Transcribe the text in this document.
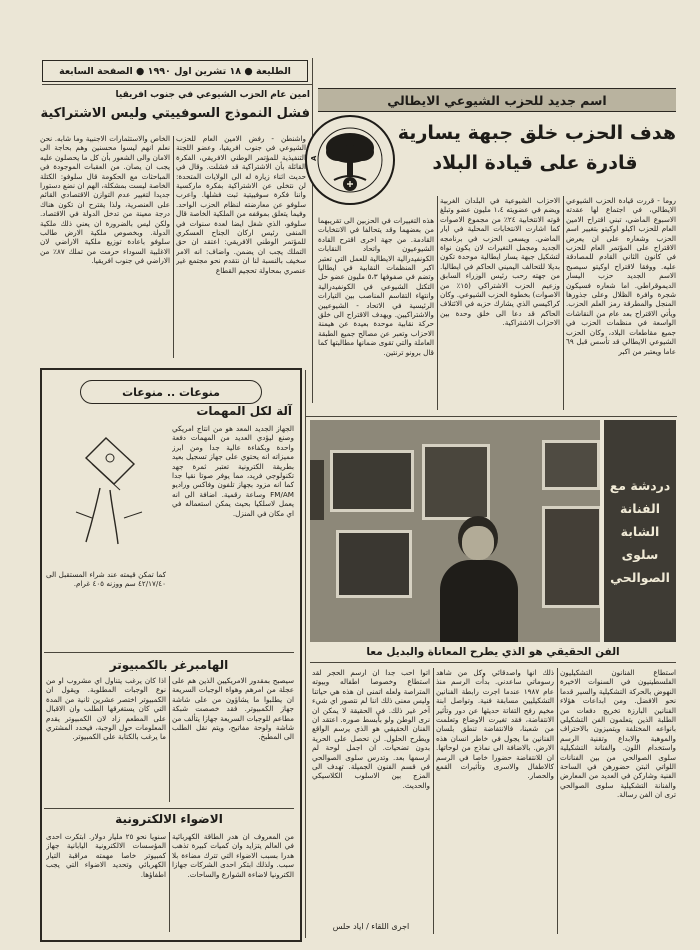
الطليعة ● ١٨ تشرين اول ١٩٩٠ ● الصفحة السابعة
امين عام الحزب الشيوعي في جنوب افريقيا
فشل النموذج السوفييتي وليس الاشتراكية
واشنطن - رفض الامين العام للحزب الشيوعي في جنوب افريقيا، وعضو اللجنة التنفيذية للمؤتمر الوطني الافريقي، الفكرة القائلة بأن الاشتراكية قد فشلت. وقال في حديث اثناء زيارة له الى الولايات المتحدة: لن نتخلى عن الاشتراكية بفكرة ماركسية واننا فكرة سوفييتية ثبت فشلها. واعرب سلوفو عن معارضته لنظام الحزب الواحد. وفيما يتعلق بموقفه من الملكية الخاصة قال سلوفو، الذي شغل ايضا لعدة سنوات في المنفى رئيس اركان الجناح العسكري للمؤتمر الوطني الافريقي: اعتقد ان حق التملك يجب ان يضمن. واضاف: انه الامر سخيف بالنسبة لنا ان نتقدم نحو مجتمع غير عنصري بمحاولة تحجيم القطاع
الخاص والاستثمارات الاجنبية وما شابه. نحن نعلم انهم ليسوا محسنين وهم بحاجة الى الامان والى الشعور بأن كل ما يحصلون عليه يجب ان يصان. من العقبات الموجودة في المباحثات مع الحكومة قال سلوفو: الكتلة الخاصة ليست بمشكلة، الهم ان نضع دستورا جديدا لتغيير عدم التوازن الاقتصادي القائم على العنصرية، ولذا يقترح ان تكون هناك درجة معينة من تدخل الدولة في الاقتصاد. ولكن ليس بالضرورة ان يعني ذلك ملكية الدولة. وبخصوص ملكية الارض طالب سلوفو باعادة توزيع ملكية الاراضي لان الاغلبية السوداء حرمت من تملك ٨٧٪ من الاراضي في جنوب افريقيا.
اسم جديد للحزب الشيوعي الايطالي
هدف الحزب خلق جبهة يسارية
قادرة على قيادة البلاد
A
روما - قررت قيادة الحزب الشيوعي الايطالي، في اجتماع لها عقدته الاسبوع الماضي، تبني اقتراح الامين العام للحزب اكيلو اوكيتو بتغيير اسم الحزب وشعاره على ان يعرض الاقتراح على المؤتمر العام للحزب في كانون الثاني القادم للمصادقة عليه. ووفقا لاقتراح اوكيتو سيصبح الاسم الجديد حزب اليسار الديموقراطي. اما شعاره فسيكون شجرة وافرة الظلال وعلى جذورها المنجل والمطرقة رمز العلم الحزب. ويأتي الاقتراح بعد عام من النقاشات الواسعة في منظمات الحزب في جميع مقاطعات البلاد، وكان الحزب الشيوعي الايطالي قد تأسس قبل ٦٩ عاما ويعتبر من اكبر
الاحزاب الشيوعية في البلدان الغربية ويضم في عضويته ١،٤ مليون عضو وتبلغ قوته الانتخابية ٢٤٪ من مجموع الاصوات كما اشارت الانتخابات المحلية في ايار الماضي. ويسعى الحزب في برنامجه الجديد ومجمل التغيرات لان يكون نواة لتشكيل جبهة يسار ايطالية موحدة تكون بديلا للتحالف اليميني الحاكم في ايطاليا. من جهته رحب رئيس الوزراء السابق وزعيم الحزب الاشتراكي (١٥٪ من الاصوات) بخطوة الحزب الشيوعي. وكان كراكيسي الذي يشارك حزبه في الائتلاف الحاكم قد دعا الى خلق وحدة بين الاحزاب الاشتراكية.
هذه التغييرات في الحزبين الى تقريبهما من بعضهما وقد يتحالفا في الانتخابات القادمة. من جهة اخرى اقترح القادة الشيوعيون واتحاد النقابات الكونفيدرالية الايطالية للعمل التي تعتبر اكبر المنظمات النقابية في ايطاليا وتضم في صفوفها ٥،٣ مليون عضو حل التكتل الشيوعي في الكونفيدرالية وانتهاء التقاسم المناصب بين التيارات الرئيسية في الاتحاد - الشيوعيين والاشتراكيين. ويهدف الاقتراح الى خلق حركة نقابية موحدة بعيدة عن هيمنة الاحزاب وتعبر عن مصالح جميع الطبقة العاملة والتي تقوى ضمانها مطالبتها كما قال برونو ترنتين.
دردشة مع الفنانة الشابة سلوى الصوالحي
الفن الحقيقي هو الذي يطرح المعاناة والبديل معا
استطاع الفنانون التشكيليون الفلسطينيون في السنوات الاخيرة النهوض بالحركة التشكيلية والسير قدما نحو الافضل. ومن ابداعات هؤلاء الفنانين البارزة تخريج دفعات من الطلبة الذين يتعلمون الفن التشكيلي بانواعه المختلفة ويتميزون بالاحتراف والموهبة والابداع وتقنية الرسم واستخدام اللون. والفنانة التشكيلية سلوى الصوالحي من بين الفنانات اللواتي اثبتن حضورهن في الساحة الفنية وشاركن في العديد من المعارض والفنانة التشكيلية سلوى الصوالحي ترى ان الفن رسالة.
ذلك انها واصدقائي وكل من شاهد رسوماتي ساعدني. بدأت الرسم منذ عام ١٩٨٧ عندما اجرت رابطة الفنانين التشكيليين مسابقة فنية. وتواصل ابنة مخيم رفح التفاتة حديثها عن دور وتأثير الانتفاضة، فقد تغيرت الاوضاع وتعلمت من شعبنا، فالانتفاضة تنطق بلسان الفنانين ما يجول في خاطر انسان هذه الارض. بالاضافة الى نماذج من لوحاتها. ان للانتفاضة حضورا خاصا في الرسم كالاطفال والاسرى وتأثيرات القمع والحصار.
اتوا احب جدا ان ارسم الحجر لقد استطاع وخصوصا اطفاله وبيوته المتراصة ولعله اتمنى ان هذه هي حياتنا وليس معنى ذلك اننا لم نتصور اي شيء آخر غير ذلك. في الحقيقة لا يمكن ان نرى الوطن ولو بأبسط صوره. اعتقد ان الفنان الحقيقي هو الذي يرسم الواقع ويطرح الحلول. لن تحصل على الحرية بدون تضحيات. ان اجمل لوحة لم ارسمها بعد. وتدرس سلوى الصوالحي في قسم الفنون الجميلة. تهدف الى المزج بين الاسلوب الكلاسيكي والحديث.
اجرى اللقاء / اياد حلس
منوعات .. منوعات
آلة لكل المهمات
الجهاز الجديد المعد هو من انتاج امريكي وصنع ليؤدي العديد من المهمات دفعة واحدة وبكفاءة عالية جدا ومن ابرز مميزاته انه يحتوي على جهاز تسجيل بعيد بطريقة الكترونية تعتبر ثمرة جهد تكنولوجي فريد، مما يوفر صوتا نقيا جدا كما انه مزود بجهاز تلفون وفاكس وراديو FM/AM وساعة رقمية. اضافة الى انه يعمل لاسلكيا بحيث يمكن استعماله في اي مكان في المنزل.
كما تمكن قيمته عند شراء المستقبل الى ٤٢/١٧/٤٠ سم ووزنه ٤٠٥ غرام.
الهامبرغر بالكمبيوتر
سيصبح بمقدور الامريكيين الذين هم على عجلة من امرهم وهواة الوجبات السريعة ان يطلبوا ما يشاؤون من على شاشة جهاز الكمبيوتر. فقد خصصت شبكة مطاعم للوجبات السريعة جهازا يتألف من شاشة ولوحة مفاتيح، ويتم نقل الطلب الى المطبخ.
اذا كان يرغب يتناول اي مشروب او من نوع الوجبات المطلوبة. ويقول ان الكمبيوتر اختصر عشرين ثانية من المدة التي كان يستغرقها الطلب وان الاقبال على المطعم زاد لان الكمبيوتر يقدم المعلومات حول الوجبة، فيحدد المشتري ما يرغب بالكتابة على الكمبيوتر.
الاضواء الالكترونية
من المعروف ان هدر الطاقة الكهربائية في العالم يتزايد وان كميات كبيرة تذهب هدرا بسبب الاضواء التي تترك مضاءة بلا سبب. ولذلك ابتكر احدى الشركات جهازا الكترونيا لاضاءة الشوارع والساحات.
سنويا نحو ٢٥ مليار دولار. ابتكرت احدى المؤسسات الالكترونية اليابانية جهاز كمبيوتر خاصا مهمته مراقبة التيار الكهربائي وتحديد الاضواء التي يجب اطفاؤها.
